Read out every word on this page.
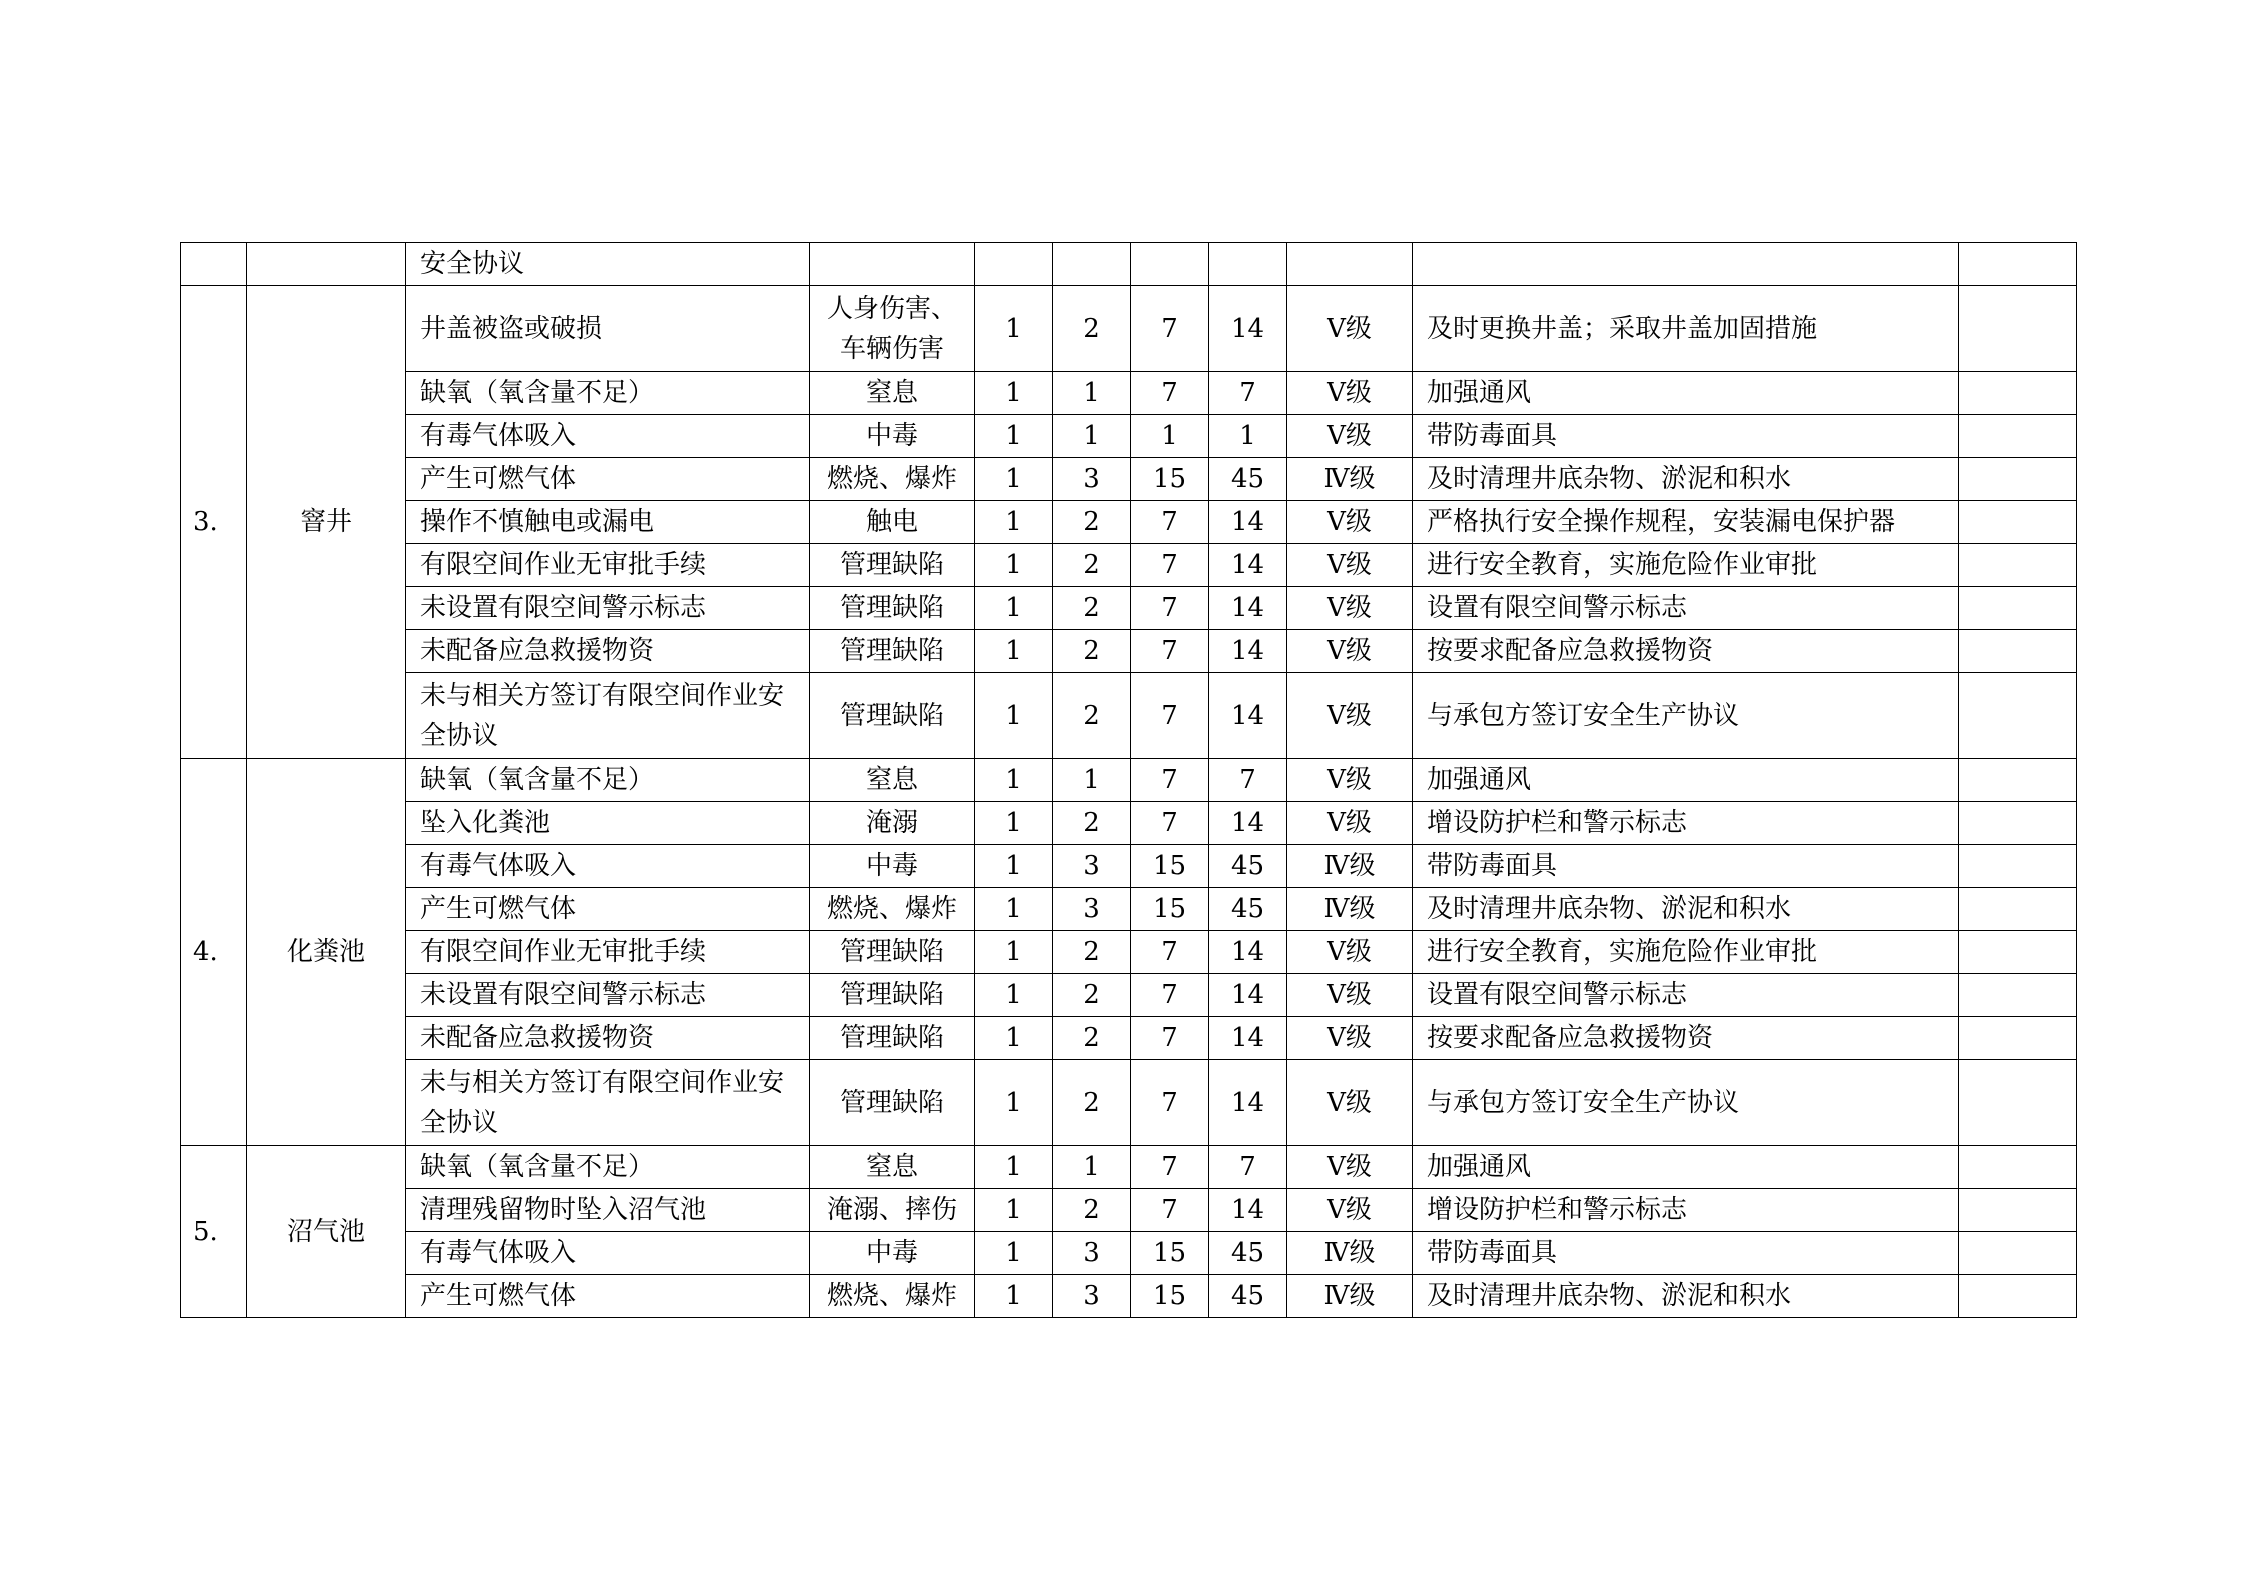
		安全协议								
3.	窨井	井盖被盗或破损	人身伤害、车辆伤害	1	2	7	14	Ⅴ级	及时更换井盖；采取井盖加固措施	
		缺氧（氧含量不足）	窒息	1	1	7	7	Ⅴ级	加强通风	
		有毒气体吸入	中毒	1	1	1	1	Ⅴ级	带防毒面具	
		产生可燃气体	燃烧、爆炸	1	3	15	45	Ⅳ级	及时清理井底杂物、淤泥和积水	
		操作不慎触电或漏电	触电	1	2	7	14	Ⅴ级	严格执行安全操作规程，安装漏电保护器	
		有限空间作业无审批手续	管理缺陷	1	2	7	14	Ⅴ级	进行安全教育，实施危险作业审批	
		未设置有限空间警示标志	管理缺陷	1	2	7	14	Ⅴ级	设置有限空间警示标志	
		未配备应急救援物资	管理缺陷	1	2	7	14	Ⅴ级	按要求配备应急救援物资	
		未与相关方签订有限空间作业安全协议	管理缺陷	1	2	7	14	Ⅴ级	与承包方签订安全生产协议	
4.	化粪池	缺氧（氧含量不足）	窒息	1	1	7	7	Ⅴ级	加强通风	
		坠入化粪池	淹溺	1	2	7	14	Ⅴ级	增设防护栏和警示标志	
		有毒气体吸入	中毒	1	3	15	45	Ⅳ级	带防毒面具	
		产生可燃气体	燃烧、爆炸	1	3	15	45	Ⅳ级	及时清理井底杂物、淤泥和积水	
		有限空间作业无审批手续	管理缺陷	1	2	7	14	Ⅴ级	进行安全教育，实施危险作业审批	
		未设置有限空间警示标志	管理缺陷	1	2	7	14	Ⅴ级	设置有限空间警示标志	
		未配备应急救援物资	管理缺陷	1	2	7	14	Ⅴ级	按要求配备应急救援物资	
		未与相关方签订有限空间作业安全协议	管理缺陷	1	2	7	14	Ⅴ级	与承包方签订安全生产协议	
5.	沼气池	缺氧（氧含量不足）	窒息	1	1	7	7	Ⅴ级	加强通风	
		清理残留物时坠入沼气池	淹溺、摔伤	1	2	7	14	Ⅴ级	增设防护栏和警示标志	
		有毒气体吸入	中毒	1	3	15	45	Ⅳ级	带防毒面具	
		产生可燃气体	燃烧、爆炸	1	3	15	45	Ⅳ级	及时清理井底杂物、淤泥和积水	
